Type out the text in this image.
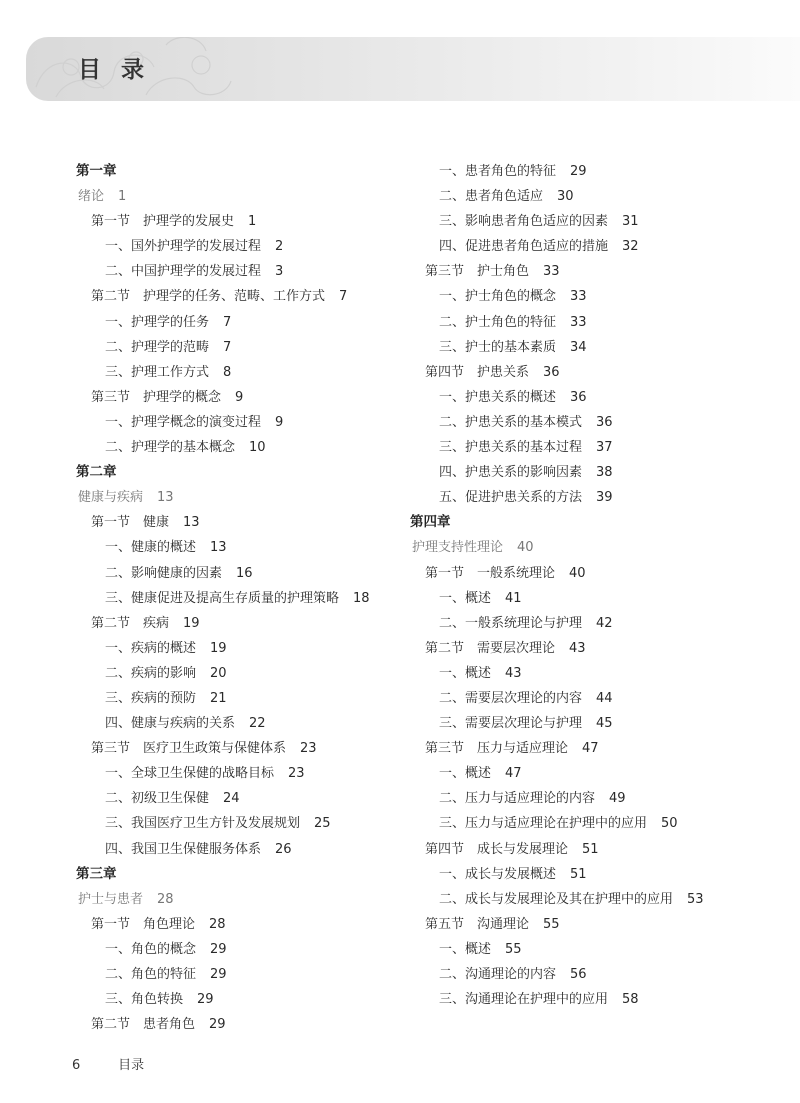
目 录
第一章
绪论 1
第一节　护理学的发展史 1
一、国外护理学的发展过程 2
二、中国护理学的发展过程 3
第二节　护理学的任务、范畴、工作方式 7
一、护理学的任务 7
二、护理学的范畴 7
三、护理工作方式 8
第三节　护理学的概念 9
一、护理学概念的演变过程 9
二、护理学的基本概念 10
第二章
健康与疾病 13
第一节　健康 13
一、健康的概述 13
二、影响健康的因素 16
三、健康促进及提高生存质量的护理策略 18
第二节　疾病 19
一、疾病的概述 19
二、疾病的影响 20
三、疾病的预防 21
四、健康与疾病的关系 22
第三节　医疗卫生政策与保健体系 23
一、全球卫生保健的战略目标 23
二、初级卫生保健 24
三、我国医疗卫生方针及发展规划 25
四、我国卫生保健服务体系 26
第三章
护士与患者 28
第一节　角色理论 28
一、角色的概念 29
二、角色的特征 29
三、角色转换 29
第二节　患者角色 29
一、患者角色的特征 29
二、患者角色适应 30
三、影响患者角色适应的因素 31
四、促进患者角色适应的措施 32
第三节　护士角色 33
一、护士角色的概念 33
二、护士角色的特征 33
三、护士的基本素质 34
第四节　护患关系 36
一、护患关系的概述 36
二、护患关系的基本模式 36
三、护患关系的基本过程 37
四、护患关系的影响因素 38
五、促进护患关系的方法 39
第四章
护理支持性理论 40
第一节　一般系统理论 40
一、概述 41
二、一般系统理论与护理 42
第二节　需要层次理论 43
一、概述 43
二、需要层次理论的内容 44
三、需要层次理论与护理 45
第三节　压力与适应理论 47
一、概述 47
二、压力与适应理论的内容 49
三、压力与适应理论在护理中的应用 50
第四节　成长与发展理论 51
一、成长与发展概述 51
二、成长与发展理论及其在护理中的应用 53
第五节　沟通理论 55
一、概述 55
二、沟通理论的内容 56
三、沟通理论在护理中的应用 58
6	目录
